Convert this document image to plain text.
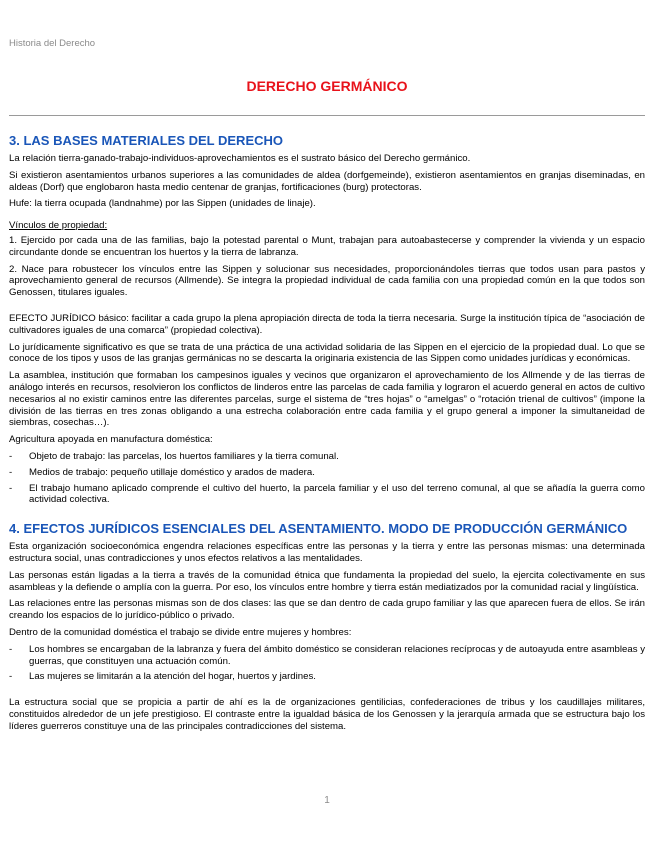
Historia del Derecho
DERECHO GERMÁNICO
3. LAS BASES MATERIALES DEL DERECHO

La relación tierra-ganado-trabajo-individuos-aprovechamientos es el sustrato básico del Derecho germánico.

Si existieron asentamientos urbanos superiores a las comunidades de aldea (dorfgemeinde), existieron asentamientos en granjas diseminadas, en aldeas (Dorf) que englobaron hasta medio centenar de granjas, fortificaciones (burg) protectoras.

Hufe: la tierra ocupada (landnahme) por las Sippen (unidades de linaje).

Vínculos de propiedad:

1. Ejercido por cada una de las familias, bajo la potestad parental o Munt, trabajan para autoabastecerse y comprender la vivienda y un espacio circundante donde se encuentran los huertos y la tierra de labranza.

2. Nace para robustecer los vínculos entre las Sippen y solucionar sus necesidades, proporcionándoles tierras que todos usan para pastos y aprovechamiento general de recursos (Allmende). Se integra la propiedad individual de cada familia con una propiedad común en la que todos son Genossen, titulares iguales.

EFECTO JURÍDICO básico: facilitar a cada grupo la plena apropiación directa de toda la tierra necesaria. Surge la institución típica de “asociación de cultivadores iguales de una comarca” (propiedad colectiva).

Lo jurídicamente significativo es que se trata de una práctica de una actividad solidaria de las Sippen en el ejercicio de la propiedad dual. Lo que se conoce de los tipos y usos de las granjas germánicas no se descarta la originaria existencia de las Sippen como unidades jurídicas y económicas.

La asamblea, institución que formaban los campesinos iguales y vecinos que organizaron el aprovechamiento de los Allmende y de las tierras de análogo interés en recursos, resolvieron los conflictos de linderos entre las parcelas de cada familia y lograron el acuerdo general en actos de cultivo necesarios al no existir caminos entre las diferentes parcelas, surge el sistema de “tres hojas” o “amelgas” o “rotación trienal de cultivos” (impone la división de las tierras en tres zonas obligando a una estrecha colaboración entre cada familia y el grupo general a imponer la simultaneidad de siembras, cosechas…).

Agricultura apoyada en manufactura doméstica:

- Objeto de trabajo: las parcelas, los huertos familiares y la tierra comunal.
- Medios de trabajo: pequeño utillaje doméstico y arados de madera.
- El trabajo humano aplicado comprende el cultivo del huerto, la parcela familiar y el uso del terreno comunal, al que se añadía la guerra como actividad colectiva.
4. EFECTOS JURÍDICOS ESENCIALES DEL ASENTAMIENTO. MODO DE PRODUCCIÓN GERMÁNICO

Esta organización socioeconómica engendra relaciones específicas entre las personas y la tierra y entre las personas mismas: una determinada estructura social, unas contradicciones y unos efectos relativos a las mentalidades.

Las personas están ligadas a la tierra a través de la comunidad étnica que fundamenta la propiedad del suelo, la ejercita colectivamente en sus asambleas y la defiende o amplía con la guerra. Por eso, los vínculos entre hombre y tierra están mediatizados por la comunidad racial y lingüística.

Las relaciones entre las personas mismas son de dos clases: las que se dan dentro de cada grupo familiar y las que aparecen fuera de ellos. Se irán creando los espacios de lo jurídico-público o privado.

Dentro de la comunidad doméstica el trabajo se divide entre mujeres y hombres:

- Los hombres se encargaban de la labranza y fuera del ámbito doméstico se consideran relaciones recíprocas y de autoayuda entre asambleas y guerras, que constituyen una actuación común.
- Las mujeres se limitarán a la atención del hogar, huertos y jardines.

La estructura social que se propicia a partir de ahí es la de organizaciones gentilicias, confederaciones de tribus y los caudillajes militares, constituidos alrededor de un jefe prestigioso. El contraste entre la igualdad básica de los Genossen y la jerarquía armada que se estructura bajo los líderes guerreros constituye una de las principales contradicciones del sistema.

1
